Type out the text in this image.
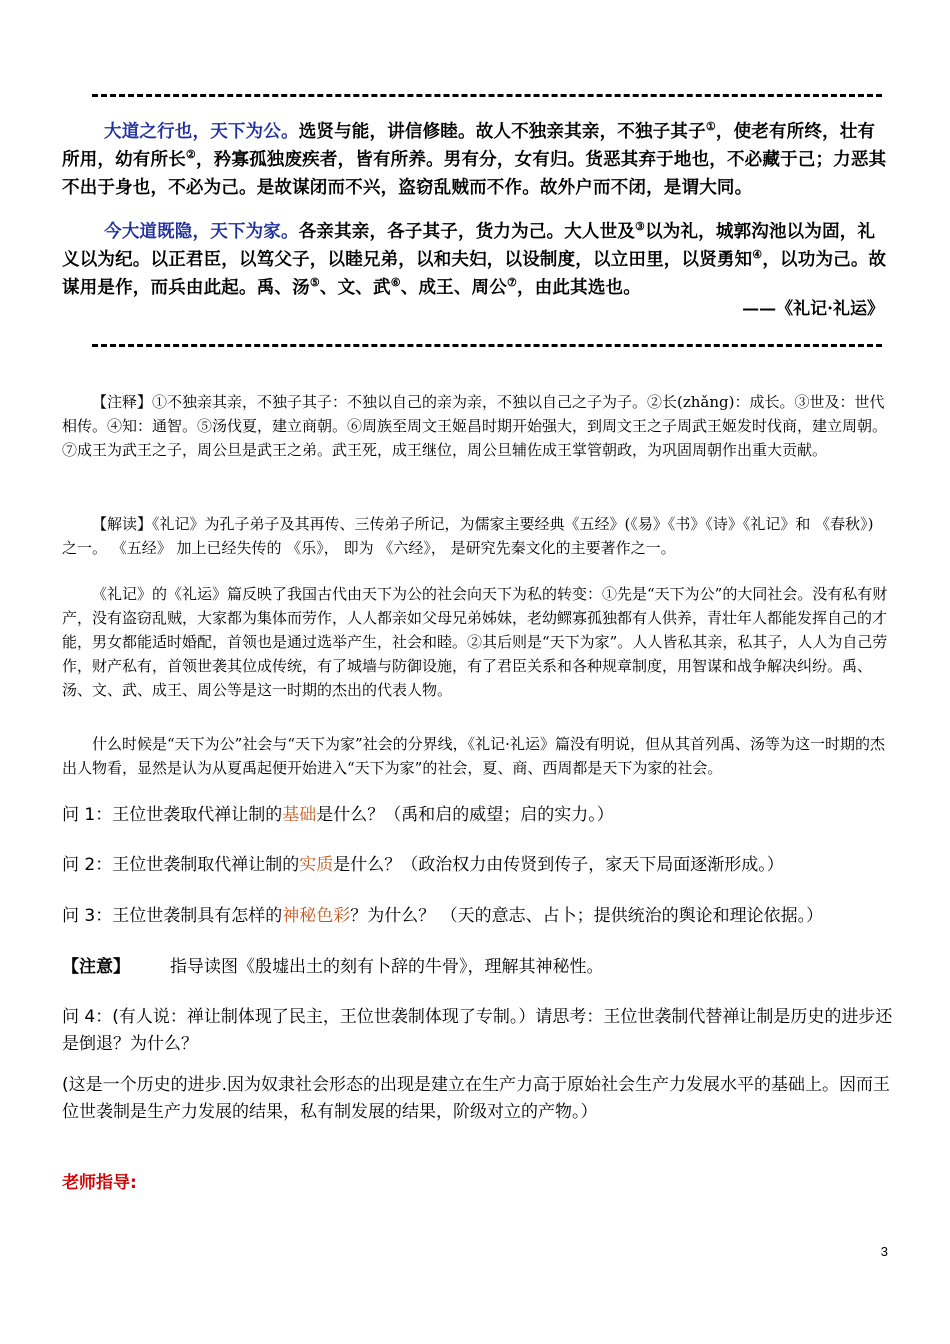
大道之行也，天下为公。选贤与能，讲信修睦。故人不独亲其亲，不独子其子①，使老有所终，壮有所用，幼有所长②，矜寡孤独废疾者，皆有所养。男有分，女有归。货恶其弃于地也，不必藏于己；力恶其不出于身也，不必为己。是故谋闭而不兴，盗窃乱贼而不作。故外户而不闭，是谓大同。

今大道既隐，天下为家。各亲其亲，各子其子，货力为己。大人世及③以为礼，城郭沟池以为固，礼义以为纪。以正君臣，以笃父子，以睦兄弟，以和夫妇，以设制度，以立田里，以贤勇知④，以功为己。故谋用是作，而兵由此起。禹、汤⑤、文、武⑥、成王、周公⑦，由此其选也。

——《礼记·礼运》

【注释】①不独亲其亲，不独子其子：不独以自己的亲为亲，不独以自己之子为子。②长(zhǎng)：成长。③世及：世代相传。④知：通智。⑤汤伐夏，建立商朝。⑥周族至周文王姬昌时期开始强大，到周文王之子周武王姬发时伐商，建立周朝。⑦成王为武王之子，周公旦是武王之弟。武王死，成王继位，周公旦辅佐成王掌管朝政，为巩固周朝作出重大贡献。

【解读】《礼记》为孔子弟子及其再传、三传弟子所记，为儒家主要经典《五经》(《易》《书》《诗》《礼记》和 《春秋》) 之一。 《五经》 加上已经失传的 《乐》， 即为 《六经》， 是研究先秦文化的主要著作之一。

《礼记》的《礼运》篇反映了我国古代由天下为公的社会向天下为私的转变：①先是“天下为公”的大同社会。没有私有财产，没有盗窃乱贼，大家都为集体而劳作，人人都亲如父母兄弟姊妹，老幼鳏寡孤独都有人供养，青壮年人都能发挥自己的才能，男女都能适时婚配，首领也是通过选举产生，社会和睦。②其后则是“天下为家”。人人皆私其亲，私其子，人人为自己劳作，财产私有，首领世袭其位成传统，有了城墙与防御设施，有了君臣关系和各种规章制度，用智谋和战争解决纠纷。禹、汤、文、武、成王、周公等是这一时期的杰出的代表人物。

什么时候是“天下为公”社会与“天下为家”社会的分界线，《礼记·礼运》篇没有明说，但从其首列禹、汤等为这一时期的杰出人物看，显然是认为从夏禹起便开始进入“天下为家”的社会，夏、商、西周都是天下为家的社会。

问 1：王位世袭取代禅让制的基础是什么？（禹和启的威望；启的实力。）
问 2：王位世袭制取代禅让制的实质是什么？（政治权力由传贤到传子，家天下局面逐渐形成。）
问 3：王位世袭制具有怎样的神秘色彩？为什么？ （天的意志、占卜；提供统治的舆论和理论依据。）
【注意】 指导读图《殷墟出土的刻有卜辞的牛骨》，理解其神秘性。
问 4：(有人说：禅让制体现了民主，王位世袭制体现了专制。）请思考：王位世袭制代替禅让制是历史的进步还是倒退？为什么？
(这是一个历史的进步.因为奴隶社会形态的出现是建立在生产力高于原始社会生产力发展水平的基础上。因而王位世袭制是生产力发展的结果，私有制发展的结果，阶级对立的产物。）
老师指导:
3
